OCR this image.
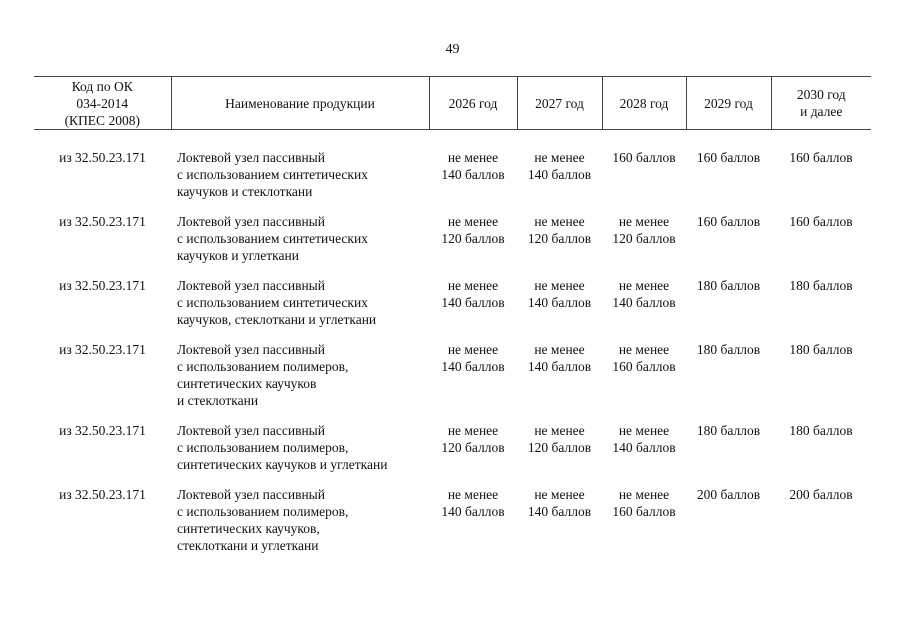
49
Код по ОК
034-2014
(КПЕС 2008)	Наименование продукции	2026 год	2027 год	2028 год	2029 год	2030 год
и далее

из 32.50.23.171	Локтевой узел пассивный
с использованием синтетических
каучуков и стеклоткани	не менее
140 баллов	не менее
140 баллов	160 баллов	160 баллов	160 баллов

из 32.50.23.171	Локтевой узел пассивный
с использованием синтетических
каучуков и углеткани	не менее
120 баллов	не менее
120 баллов	не менее
120 баллов	160 баллов	160 баллов

из 32.50.23.171	Локтевой узел пассивный
с использованием синтетических
каучуков, стеклоткани и углеткани	не менее
140 баллов	не менее
140 баллов	не менее
140 баллов	180 баллов	180 баллов

из 32.50.23.171	Локтевой узел пассивный
с использованием полимеров,
синтетических каучуков
и стеклоткани	не менее
140 баллов	не менее
140 баллов	не менее
160 баллов	180 баллов	180 баллов

из 32.50.23.171	Локтевой узел пассивный
с использованием полимеров,
синтетических каучуков и углеткани	не менее
120 баллов	не менее
120 баллов	не менее
140 баллов	180 баллов	180 баллов

из 32.50.23.171	Локтевой узел пассивный
с использованием полимеров,
синтетических каучуков,
стеклоткани и углеткани	не менее
140 баллов	не менее
140 баллов	не менее
160 баллов	200 баллов	200 баллов
